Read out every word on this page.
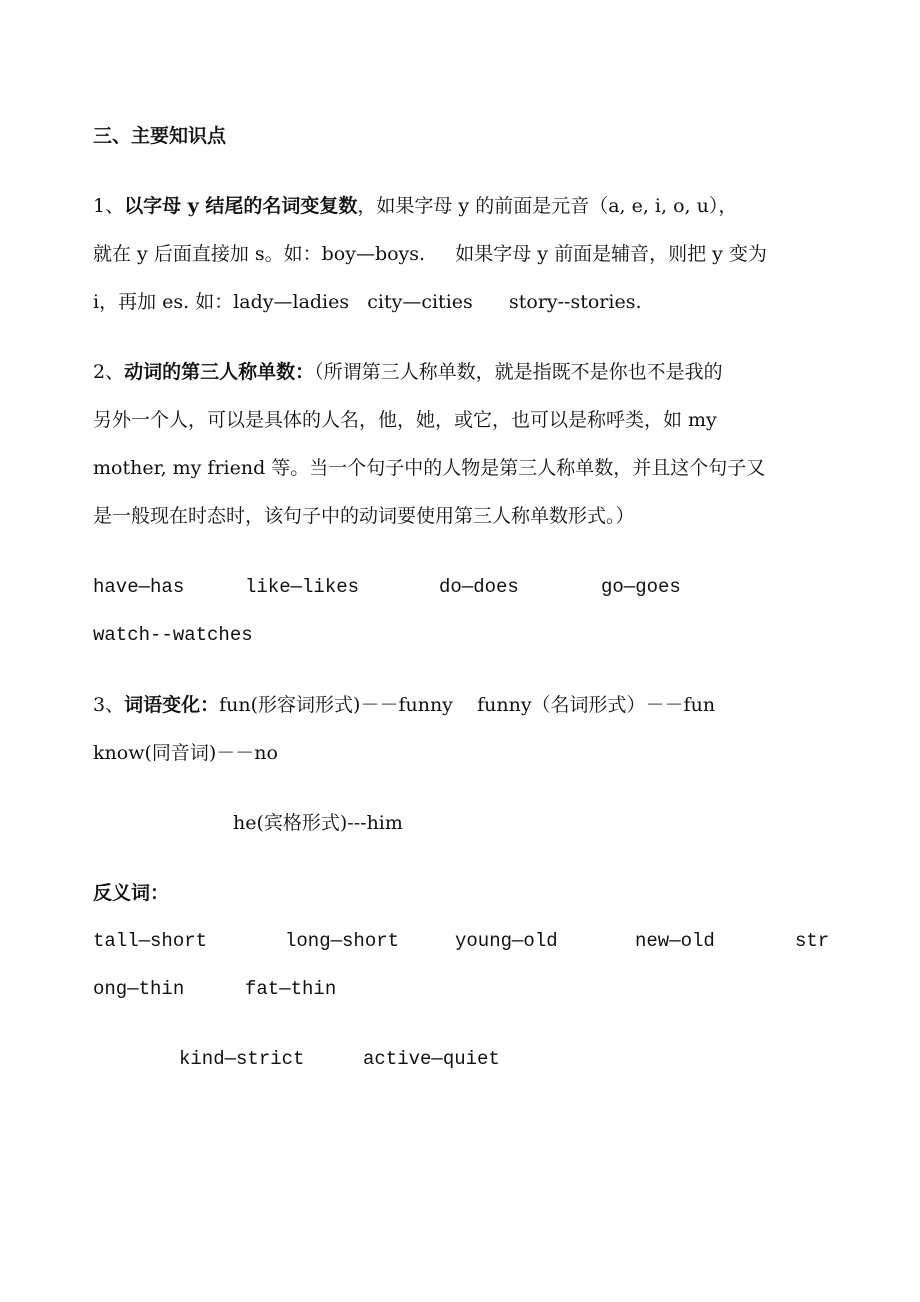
三、主要知识点
1、以字母 y 结尾的名词变复数，如果字母 y 的前面是元音（a, e, i, o, u），
就在 y 后面直接加 s。如：boy—boys.     如果字母 y 前面是辅音，则把 y 变为
i，再加 es. 如：lady—ladies   city—cities      story--stories.
2、动词的第三人称单数：（所谓第三人称单数，就是指既不是你也不是我的
另外一个人，可以是具体的人名，他，她，或它，也可以是称呼类，如 my
mother, my friend 等。当一个句子中的人物是第三人称单数，并且这个句子又
是一般现在时态时，该句子中的动词要使用第三人称单数形式。）
have—has	like—likes	do—does	go—goes
watch--watches
3、词语变化：fun(形容词形式)－－funny    funny（名词形式）－－fun
know(同音词)－－no
he(宾格形式)---him
反义词：
tall—short	long—short	young—old	new—old	str
ong—thin	fat—thin
kind—strict	active—quiet
